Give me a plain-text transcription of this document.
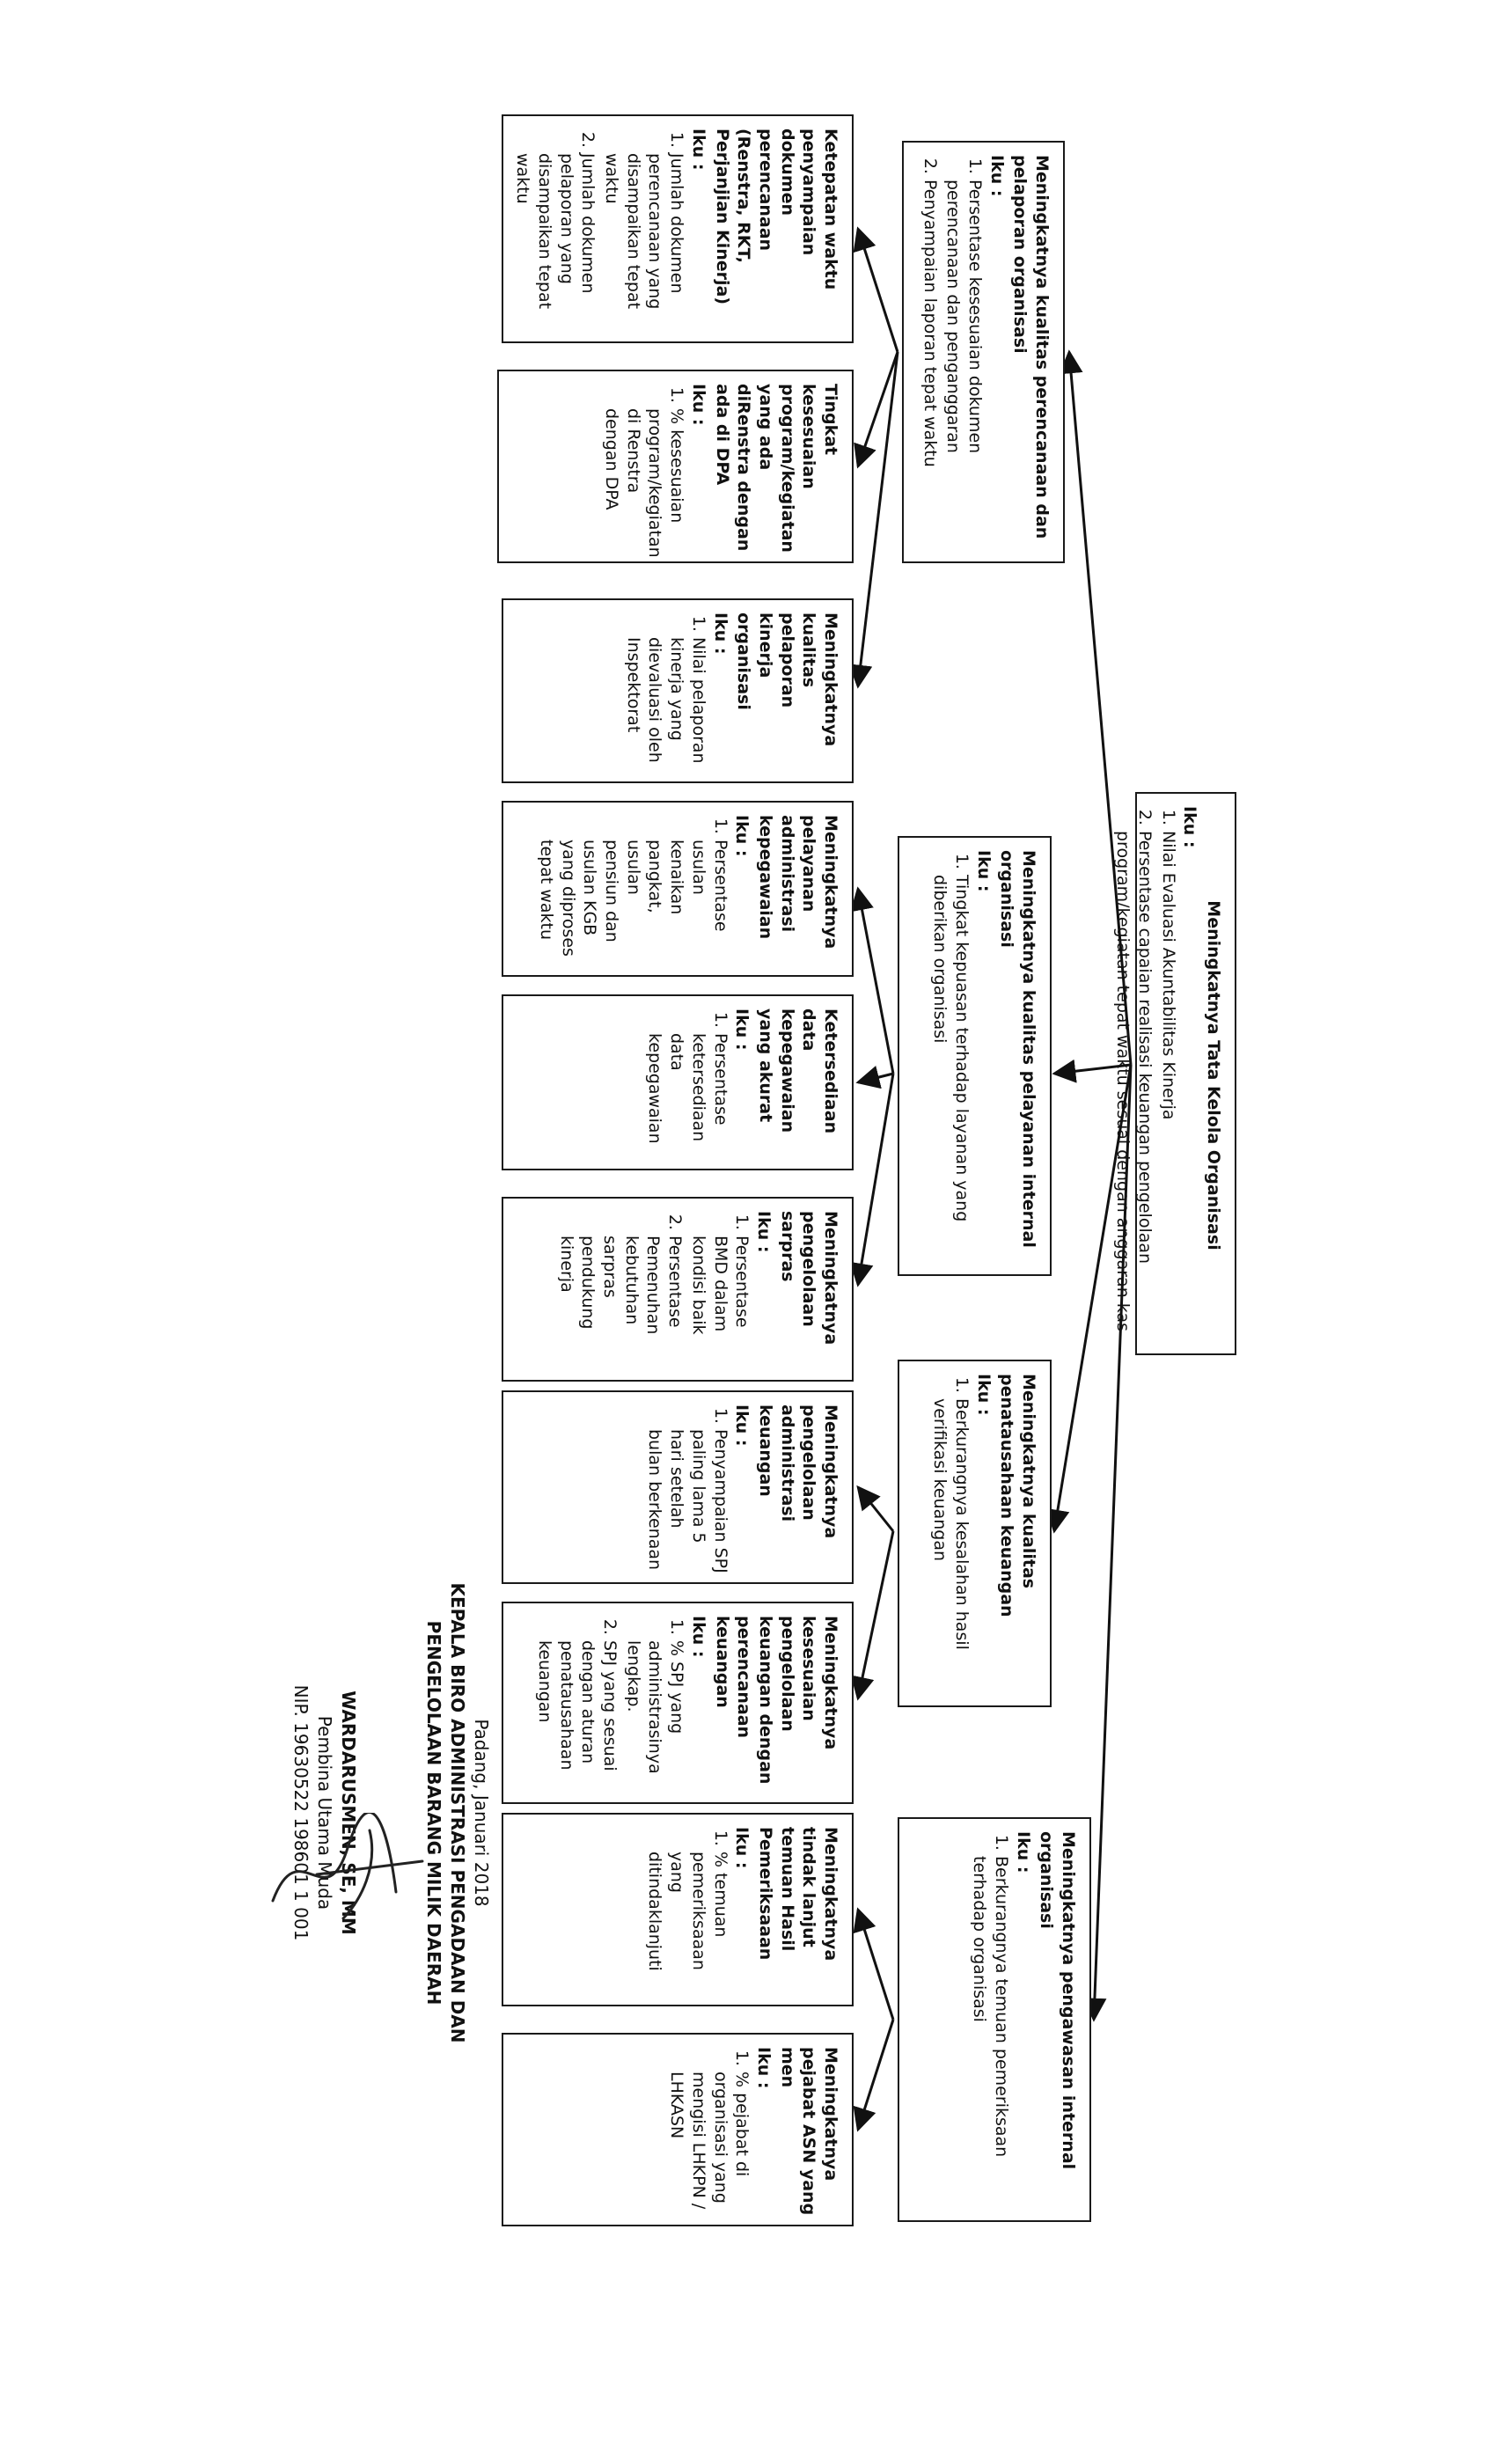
Meningkatnya Tata Kelola Organisasi
Iku :
1. Nilai Evaluasi Akuntabilitas Kinerja
2. Persentase capaian realisasi keuangan pengelolaan program/kegiatan tepat waktu sesuai dengan anggaran kas
Meningkatnya kualitas perencanaan dan pelaporan organisasi
Iku :
1. Persentase kesesuaian dokumen perencanaan dan penganggaran
2. Penyampaian laporan tepat waktu
Meningkatnya kualitas pelayanan internal organisasi
Iku :
1. Tingkat kepuasan terhadap layanan yang diberikan organisasi
Meningkatnya kualitas penatausahaan keuangan
Iku :
1. Berkurangnya kesalahan hasil verifikasi keuangan
Meningkatnya pengawasan internal organisasi
Iku :
1. Berkurangnya temuan pemeriksaan terhadap organisasi
Ketepatan waktu penyampaian dokumen perencanaan (Renstra, RKT, Perjanjian Kinerja)
Iku :
1. Jumlah dokumen perencanaan yang disampaikan tepat waktu
2. Jumlah dokumen pelaporan yang disampaikan tepat waktu
Tingkat kesesuaian program/kegiatan yang ada diRenstra dengan ada di DPA
Iku :
1. % kesesuaian program/kegiatan di Renstra dengan DPA
Meningkatnya kualitas pelaporan kinerja organisasi
Iku :
1. Nilai pelaporan kinerja yang dievaluasi oleh Inspektorat
Meningkatnya pelayanan administrasi kepegawaian
Iku :
1. Persentase usulan kenaikan pangkat, usulan pensiun dan usulan KGB yang diproses tepat waktu
Ketersediaan data kepegawaian yang akurat
Iku :
1. Persentase ketersediaan data kepegawaian
Meningkatnya pengelolaan sarpras
Iku :
1. Persentase BMD dalam kondisi baik
2. Persentase Pemenuhan kebutuhan sarpras pendukung kinerja
Meningkatnya pengelolaan administrasi keuangan
Iku :
1. Penyampaian SPJ paling lama 5 hari setelah bulan berkenaan
Meningkatnya kesesuaian pengelolaan keuangan dengan perencanaan keuangan
Iku :
1. % SPJ yang administrasinya lengkap.
2. SPJ yang sesuai dengan aturan penatausahaan keuangan
Meningkatnya tindak lanjut temuan Hasil Pemeriksaaan
Iku :
1. % temuan pemeriksaaan yang ditindaklanjuti
Meningkatnya pejabat ASN yang men
Iku :
1. % pejabat di organisasi yang mengisi LHKPN / LHKASN
Padang, Januari 2018
KEPALA BIRO ADMINISTRASI PENGADAAN DAN
PENGELOLAAN BARANG MILIK DAERAH
WARDARUSMEN, SE, MM
Pembina Utama Muda
NIP. 19630522 198601 1 001
